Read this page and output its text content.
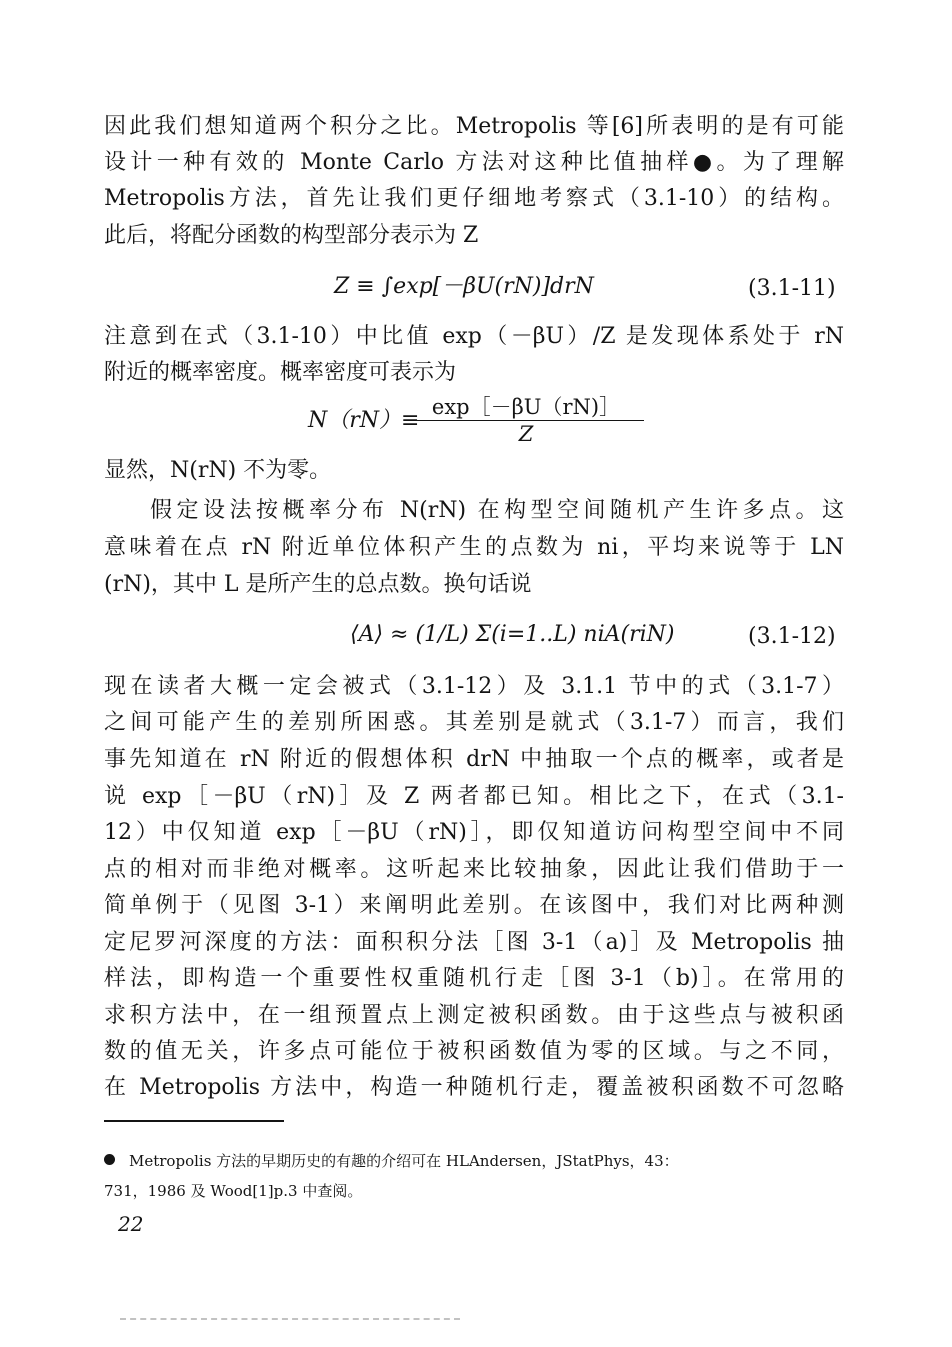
因此我们想知道两个积分之比。Metropolis 等[6]所表明的是有可能
设计一种有效的 Monte Carlo 方法对这种比值抽样●。为了理解
Metropolis方法，首先让我们更仔细地考察式（3.1-10）的结构。
此后，将配分函数的构型部分表示为 Z
Z ≡ ∫exp[－βU(rN)]drN	(3.1-11)
注意到在式（3.1-10）中比值 exp（－βU）/Z 是发现体系处于 rN
附近的概率密度。概率密度可表示为
N（rN）≡
$\frac{\exp[-\beta U(rN)]}{Z}$
显然，N(rN) 不为零。
假定设法按概率分布 N(rN) 在构型空间随机产生许多点。这
意味着在点 rN 附近单位体积产生的点数为 ni，平均来说等于 LN
(rN)，其中 L 是所产生的总点数。换句话说
⟨A⟩ ≈ (1/L) Σ(i=1..L) niA(riN)	(3.1-12)
现在读者大概一定会被式（3.1-12）及 3.1.1 节中的式（3.1-7）
之间可能产生的差别所困惑。其差别是就式（3.1-7）而言，我们
事先知道在 rN 附近的假想体积 drN 中抽取一个点的概率，或者是
说 exp［－βU（rN)］及 Z 两者都已知。相比之下，在式（3.1-
12）中仅知道 exp［－βU（rN)］，即仅知道访问构型空间中不同
点的相对而非绝对概率。这听起来比较抽象，因此让我们借助于一
简单例于（见图 3-1）来阐明此差别。在该图中，我们对比两种测
定尼罗河深度的方法：面积积分法［图 3-1（a)］及 Metropolis 抽
样法，即构造一个重要性权重随机行走［图 3-1（b)］。在常用的
求积方法中，在一组预置点上测定被积函数。由于这些点与被积函
数的值无关，许多点可能位于被积函数值为零的区域。与之不同，
在 Metropolis 方法中，构造一种随机行走，覆盖被积函数不可忽略
Metropolis 方法的早期历史的有趣的介绍可在 HLAndersen，JStatPhys，43：
731，1986 及 Wood[1]p.3 中查阅。
22
